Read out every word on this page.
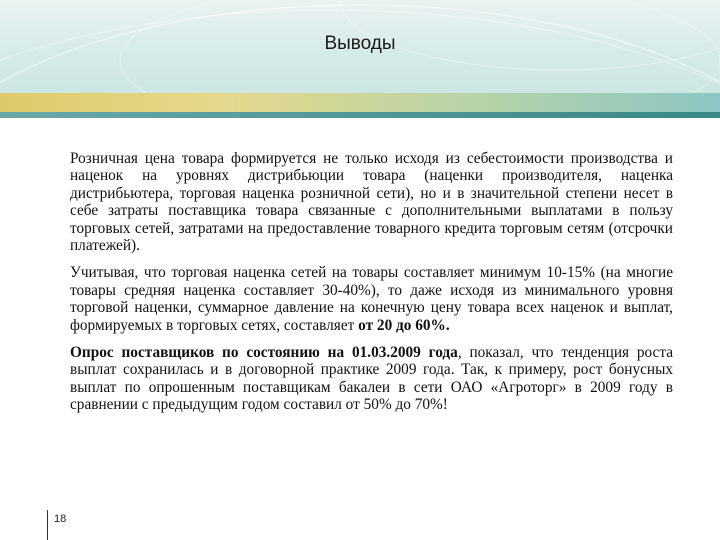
Выводы

Розничная цена товара формируется не только исходя из себестоимости производства и наценок на уровнях дистрибьюции товара (наценки производителя, наценка дистрибьютера, торговая наценка розничной сети), но и в значительной степени несет в себе затраты поставщика товара связанные с дополнительными выплатами в пользу торговых сетей, затратами на предоставление товарного кредита торговым сетям (отсрочки платежей).

Учитывая, что торговая наценка сетей на товары составляет минимум 10-15% (на многие товары средняя наценка составляет 30-40%), то даже исходя из минимального уровня торговой наценки, суммарное давление на конечную цену товара всех наценок и выплат, формируемых в торговых сетях, составляет от 20 до 60%.

Опрос поставщиков по состоянию на 01.03.2009 года, показал, что тенденция роста выплат сохранилась и в договорной практике 2009 года. Так, к примеру, рост бонусных выплат по опрошенным поставщикам бакалеи в сети ОАО «Агроторг» в 2009 году в сравнении с предыдущим годом составил от 50% до 70%!

18
